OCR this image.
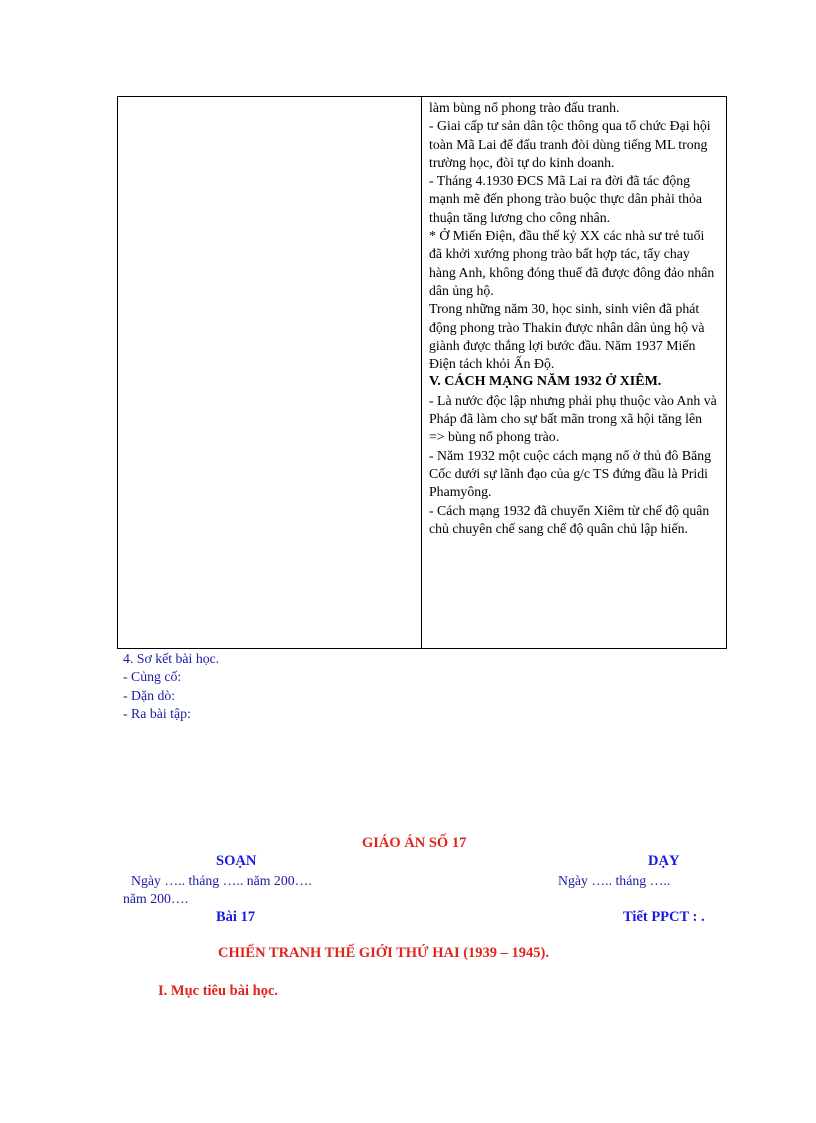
làm bùng nổ phong trào đấu tranh.

- Giai cấp tư sản dân tộc thông qua tổ chức Đại hội toàn Mã Lai để đấu tranh đòi dùng tiếng ML trong trường học, đòi tự do kinh doanh.

- Tháng 4.1930 ĐCS Mã Lai ra đời đã tác động mạnh mẽ đến phong trào buộc thực dân phải thỏa thuận tăng lương cho công nhân.

* Ở Miến Điện, đầu thế kỷ XX các nhà sư trẻ tuổi đã khởi xướng phong trào bất hợp tác, tẩy chay hàng Anh, không đóng thuế đã được đông đảo nhân dân ủng hộ.

Trong những năm 30, học sinh, sinh viên đã phát động phong trào Thakin được nhân dân ủng hộ và giành được thắng lợi bước đầu. Năm 1937 Miến Điện tách khỏi Ấn Độ.

V. CÁCH MẠNG NĂM 1932 Ở XIÊM.

- Là nước độc lập nhưng phải phụ thuộc vào Anh và Pháp đã làm cho sự bất mãn trong xã hội tăng lên => bùng nổ phong trào.

- Năm 1932 một cuộc cách mạng nổ ở thủ đô Băng Cốc dưới sự lãnh đạo của g/c TS đứng đầu là Pridi Phamyông.

- Cách mạng 1932 đã chuyển Xiêm từ chế độ quân chủ chuyên chế sang chế độ quân chủ lập hiến.

4. Sơ kết bài học.

- Củng cố:

- Dặn dò:

- Ra bài tập:

GIÁO ÁN SỐ 17

SOẠN	DẠY

Ngày ….. tháng ….. năm 200….	Ngày ….. tháng …..

năm 200….

Bài 17	Tiết PPCT : .

CHIẾN TRANH THẾ GIỚI THỨ HAI (1939 – 1945).

I. Mục tiêu bài học.
